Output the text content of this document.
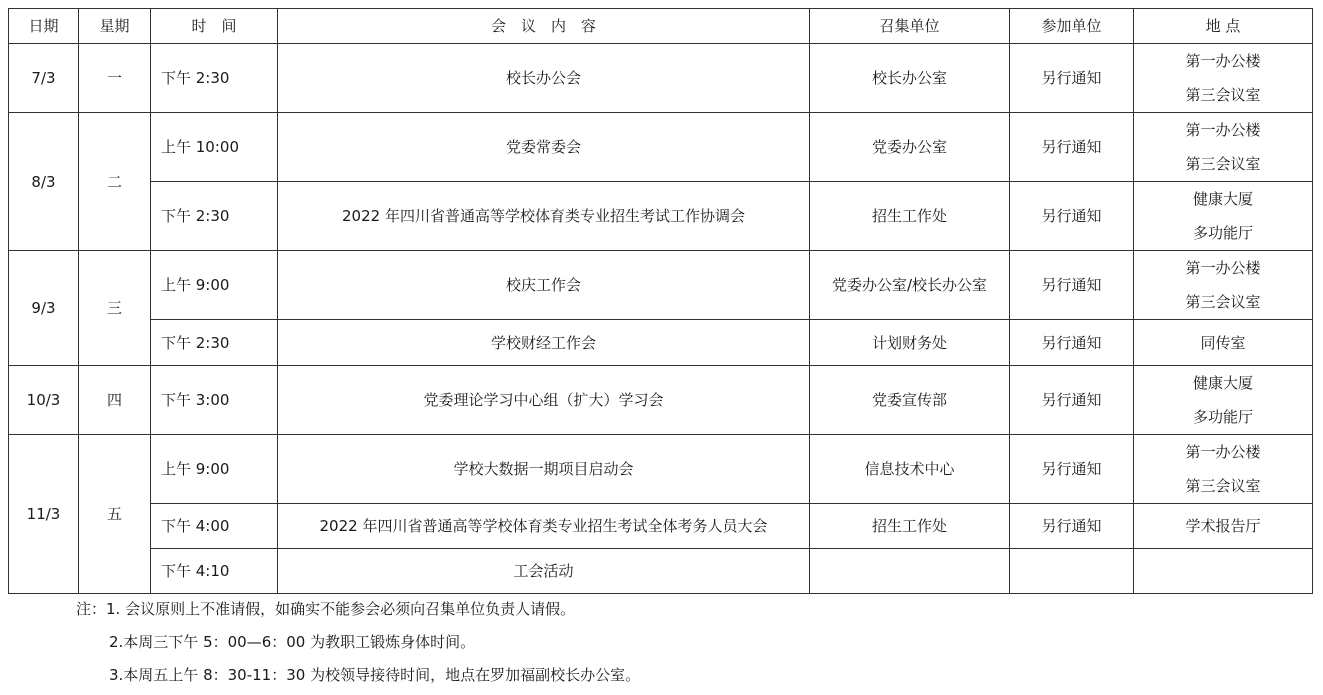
日期	星期	时　间	会　议　内　容	召集单位	参加单位	地 点
7/3	一	下午 2:30	校长办公会	校长办公室	另行通知	第一办公楼
第三会议室

8/3	二	上午 10:00	党委常委会	党委办公室	另行通知	第一办公楼
第三会议室

		下午 2:30	2022 年四川省普通高等学校体育类专业招生考试工作协调会	招生工作处	另行通知	健康大厦
多功能厅

9/3	三	上午 9:00	校庆工作会	党委办公室/校长办公室	另行通知	第一办公楼
第三会议室

		下午 2:30	学校财经工作会	计划财务处	另行通知	同传室

10/3	四	下午 3:00	党委理论学习中心组（扩大）学习会	党委宣传部	另行通知	健康大厦
多功能厅

11/3	五	上午 9:00	学校大数据一期项目启动会	信息技术中心	另行通知	第一办公楼
第三会议室

		下午 4:00	2022 年四川省普通高等学校体育类专业招生考试全体考务人员大会	招生工作处	另行通知	学术报告厅

		下午 4:10	工会活动			
注：1. 会议原则上不准请假，如确实不能参会必须向召集单位负责人请假。
2.本周三下午 5：00—6：00 为教职工锻炼身体时间。
3.本周五上午 8：30-11：30 为校领导接待时间，地点在罗加福副校长办公室。
